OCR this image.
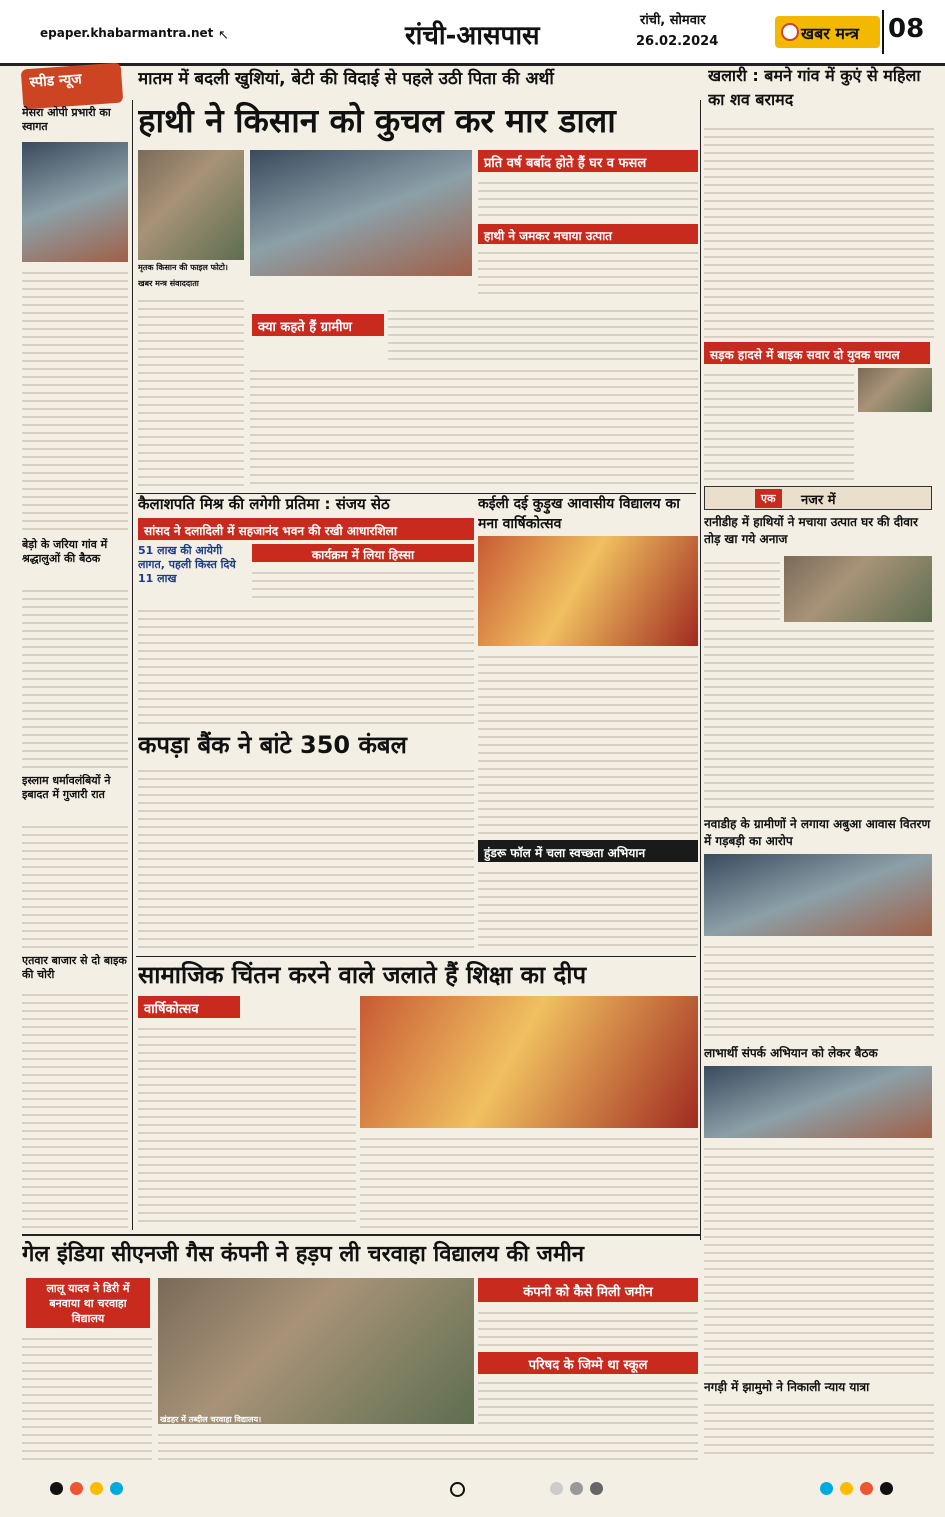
epaper.khabarmantra.net ↖	रांची-आसपास
रांची, सोमवार
26.02.2024	खबर मन्त्र	08
स्पीड न्यूज	मातम में बदली खुशियां, बेटी की विदाई से पहले उठी पिता की अर्थी
मेसरा ओपी प्रभारी का स्वागत
बेड़ो के जरिया गांव में श्रद्धालुओं की बैठक
इस्लाम धर्मावलंबियों ने इबादत में गुजारी रात
एतवार बाजार से दो बाइक की चोरी
हाथी ने किसान को कुचल कर मार डाला
मृतक किसान की फाइल फोटो।
प्रति वर्ष बर्बाद होते हैं घर व फसल
हाथी ने जमकर मचाया उत्पात
खबर मन्त्र संवाददाता
क्या कहते हैं ग्रामीण
खलारी : बमने गांव में कुएं से महिला का शव बरामद
सड़क हादसे में बाइक सवार दो युवक घायल
एक	नजर में
रानीडीह में हाथियों ने मचाया उत्पात घर की दीवार तोड़ खा गये अनाज
नवाडीह के ग्रामीणों ने लगाया अबुआ आवास वितरण में गड़बड़ी का आरोप
लाभार्थी संपर्क अभियान को लेकर बैठक
नगड़ी में झामुमो ने निकाली न्याय यात्रा
कैलाशपति मिश्र की लगेगी प्रतिमा : संजय सेठ
सांसद ने दलादिली में सहजानंद भवन की रखी आधारशिला
51 लाख की आयेगी लागत, पहली किस्त दिये 11 लाख
कार्यक्रम में लिया हिस्सा
कईली दई कुड़ुख आवासीय विद्यालय का मना वार्षिकोत्सव
कपड़ा बैंक ने बांटे 350 कंबल
हुंडरू फॉल में चला स्वच्छता अभियान
सामाजिक चिंतन करने वाले जलाते हैं शिक्षा का दीप
वार्षिकोत्सव
गेल इंडिया सीएनजी गैस कंपनी ने हड़प ली चरवाहा विद्यालय की जमीन
लालू यादव ने डिरी में बनवाया था चरवाहा विद्यालय
खंडहर में तब्दील चरवाहा विद्यालय।
कंपनी को कैसे मिली जमीन
परिषद के जिम्मे था स्कूल
